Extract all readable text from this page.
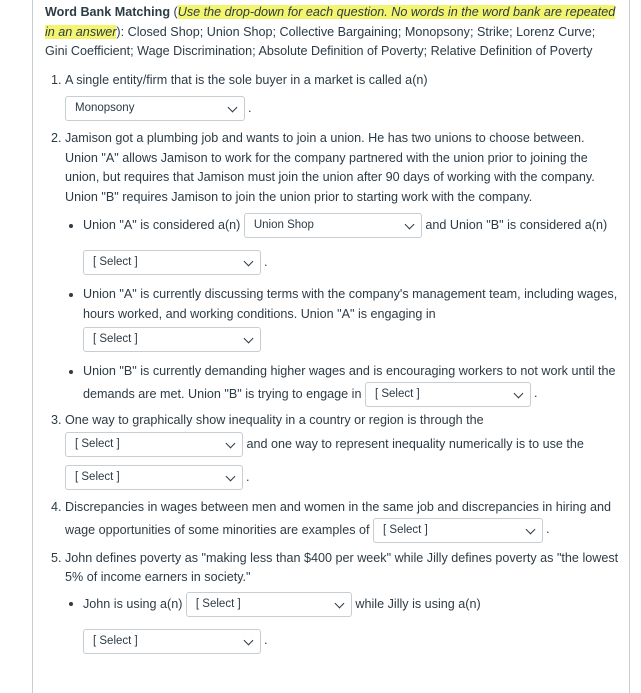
Word Bank Matching (Use the drop-down for each question. No words in the word bank are repeated in an answer): Closed Shop; Union Shop; Collective Bargaining; Monopsony; Strike; Lorenz Curve; Gini Coefficient; Wage Discrimination; Absolute Definition of Poverty; Relative Definition of Poverty
1. A single entity/firm that is the sole buyer in a market is called a(n)
Monopsony	.
2. Jamison got a plumbing job and wants to join a union. He has two unions to choose between. Union "A" allows Jamison to work for the company partnered with the union prior to joining the union, but requires that Jamison must join the union after 90 days of working with the company. Union "B" requires Jamison to join the union prior to starting work with the company.
• Union "A" is considered a(n) Union Shop	and Union "B" is considered a(n)
[ Select ]	.
• Union "A" is currently discussing terms with the company's management team, including wages, hours worked, and working conditions. Union "A" is engaging in
[ Select ]
• Union "B" is currently demanding higher wages and is encouraging workers to not work until the demands are met. Union "B" is trying to engage in [ Select ]	.
3. One way to graphically show inequality in a country or region is through the
[ Select ]	and one way to represent inequality numerically is to use the
[ Select ]	.
4. Discrepancies in wages between men and women in the same job and discrepancies in hiring and wage opportunities of some minorities are examples of [ Select ]	.
5. John defines poverty as "making less than $400 per week" while Jilly defines poverty as "the lowest 5% of income earners in society."
• John is using a(n) [ Select ]	while Jilly is using a(n)
[ Select ]	.
